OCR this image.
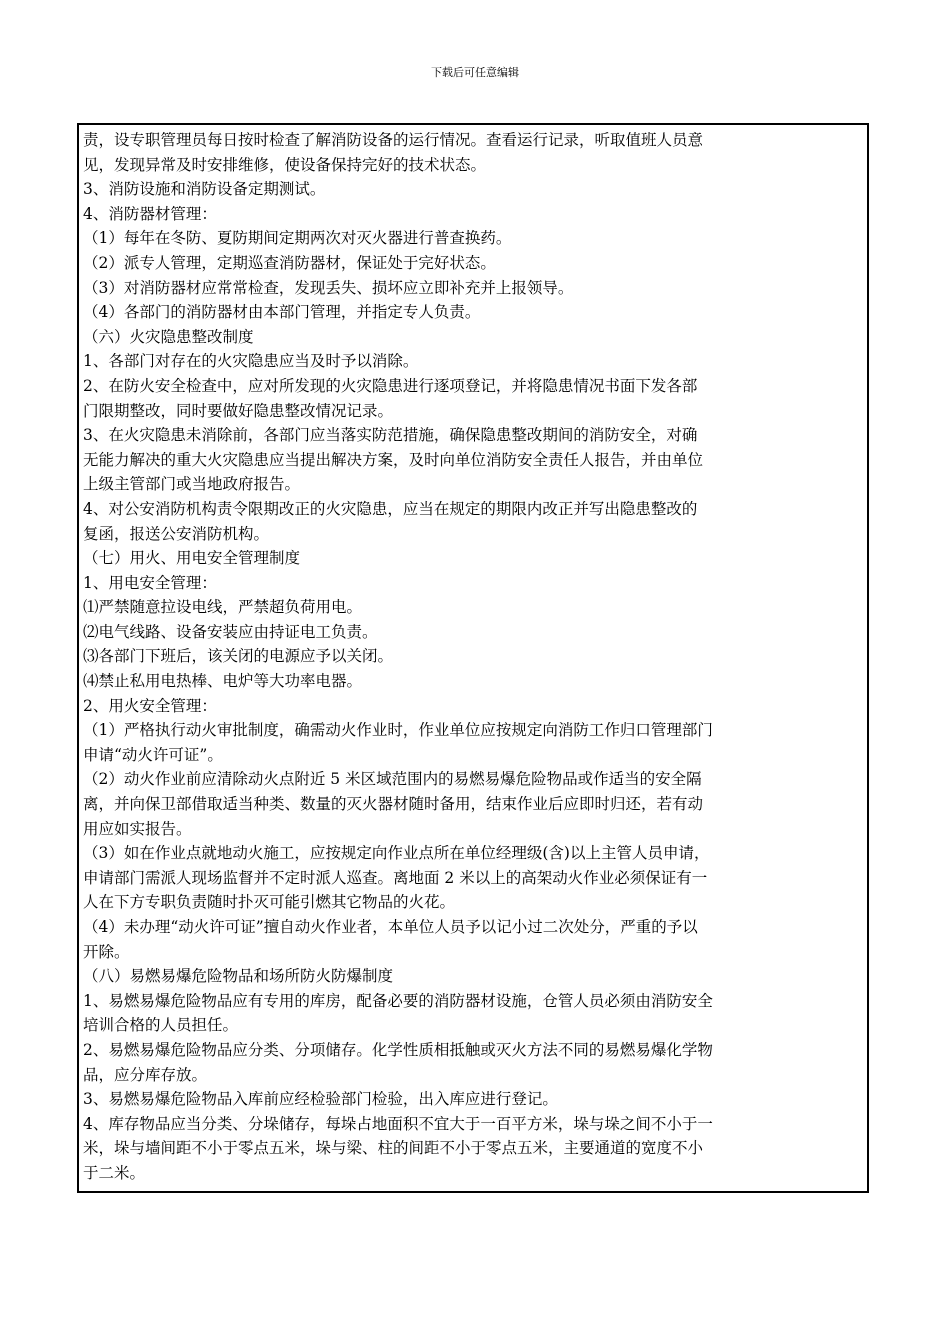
下载后可任意编辑
责，设专职管理员每日按时检查了解消防设备的运行情况。查看运行记录，听取值班人员意
见，发现异常及时安排维修，使设备保持完好的技术状态。
3、消防设施和消防设备定期测试。
4、消防器材管理：
（1）每年在冬防、夏防期间定期两次对灭火器进行普查换药。
（2）派专人管理，定期巡查消防器材，保证处于完好状态。
（3）对消防器材应常常检查，发现丢失、损坏应立即补充并上报领导。
（4）各部门的消防器材由本部门管理，并指定专人负责。
（六）火灾隐患整改制度
1、各部门对存在的火灾隐患应当及时予以消除。
2、在防火安全检查中，应对所发现的火灾隐患进行逐项登记，并将隐患情况书面下发各部
门限期整改，同时要做好隐患整改情况记录。
3、在火灾隐患未消除前，各部门应当落实防范措施，确保隐患整改期间的消防安全，对确
无能力解决的重大火灾隐患应当提出解决方案，及时向单位消防安全责任人报告，并由单位
上级主管部门或当地政府报告。
4、对公安消防机构责令限期改正的火灾隐患，应当在规定的期限内改正并写出隐患整改的
复函，报送公安消防机构。
（七）用火、用电安全管理制度
1、用电安全管理：
⑴严禁随意拉设电线，严禁超负荷用电。
⑵电气线路、设备安装应由持证电工负责。
⑶各部门下班后，该关闭的电源应予以关闭。
⑷禁止私用电热棒、电炉等大功率电器。
2、用火安全管理：
（1）严格执行动火审批制度，确需动火作业时，作业单位应按规定向消防工作归口管理部门
申请“动火许可证”。
（2）动火作业前应清除动火点附近 5 米区域范围内的易燃易爆危险物品或作适当的安全隔
离，并向保卫部借取适当种类、数量的灭火器材随时备用，结束作业后应即时归还，若有动
用应如实报告。
（3）如在作业点就地动火施工，应按规定向作业点所在单位经理级(含)以上主管人员申请，
申请部门需派人现场监督并不定时派人巡查。离地面 2 米以上的高架动火作业必须保证有一
人在下方专职负责随时扑灭可能引燃其它物品的火花。
（4）未办理“动火许可证”擅自动火作业者，本单位人员予以记小过二次处分，严重的予以
开除。
（八）易燃易爆危险物品和场所防火防爆制度
1、易燃易爆危险物品应有专用的库房，配备必要的消防器材设施，仓管人员必须由消防安全
培训合格的人员担任。
2、易燃易爆危险物品应分类、分项储存。化学性质相抵触或灭火方法不同的易燃易爆化学物
品，应分库存放。
3、易燃易爆危险物品入库前应经检验部门检验，出入库应进行登记。
4、库存物品应当分类、分垛储存，每垛占地面积不宜大于一百平方米，垛与垛之间不小于一
米，垛与墙间距不小于零点五米，垛与梁、柱的间距不小于零点五米，主要通道的宽度不小
于二米。
